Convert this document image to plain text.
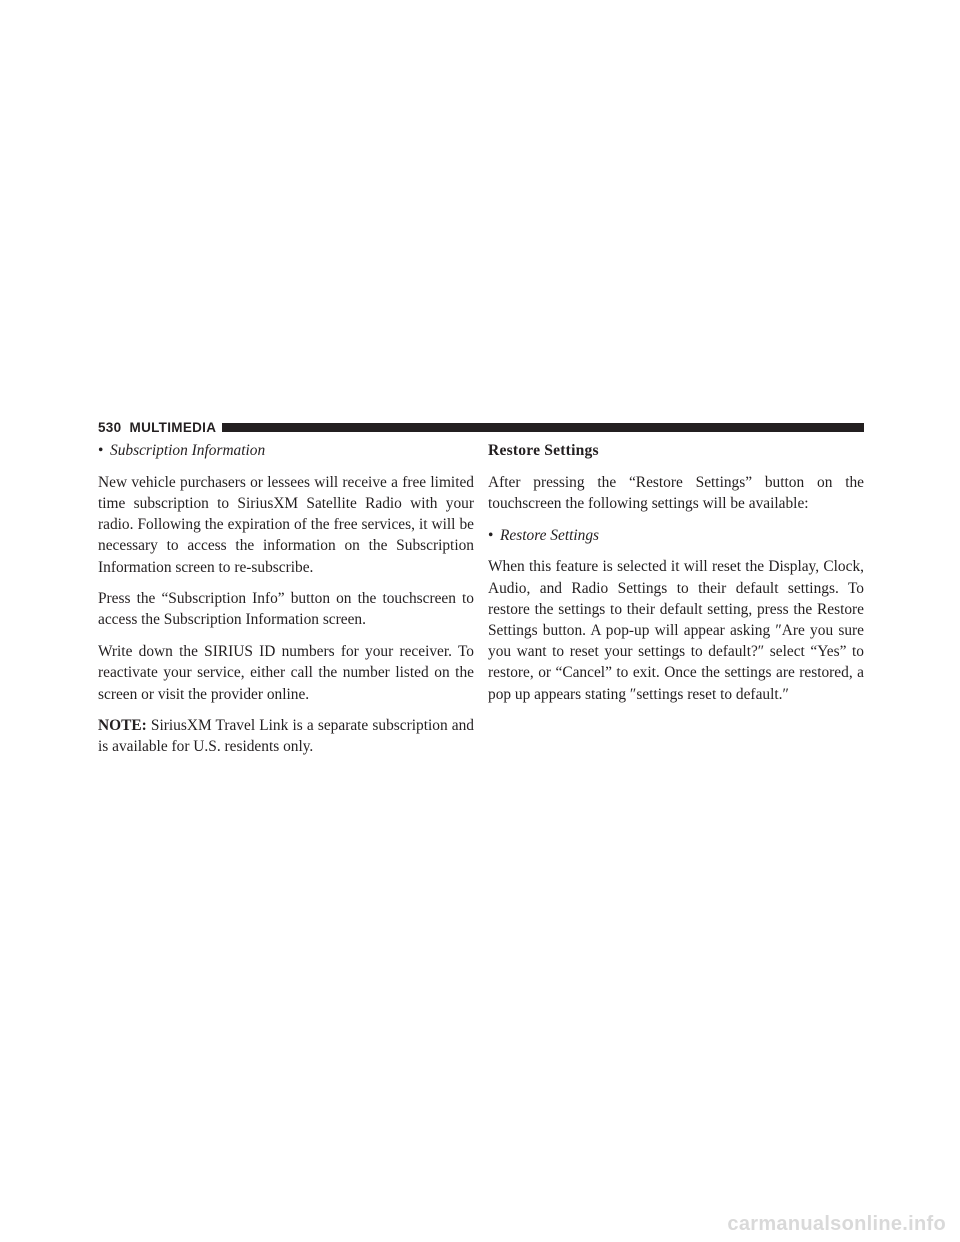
530 MULTIMEDIA
• Subscription Information

New vehicle purchasers or lessees will receive a free limited time subscription to SiriusXM Satellite Radio with your radio. Following the expiration of the free services, it will be necessary to access the information on the Subscription Information screen to re-subscribe.

Press the “Subscription Info” button on the touchscreen to access the Subscription Information screen.

Write down the SIRIUS ID numbers for your receiver. To reactivate your service, either call the number listed on the screen or visit the provider online.

NOTE: SiriusXM Travel Link is a separate subscription and is available for U.S. residents only.

Restore Settings

After pressing the “Restore Settings” button on the touchscreen the following settings will be available:

• Restore Settings

When this feature is selected it will reset the Display, Clock, Audio, and Radio Settings to their default settings. To restore the settings to their default setting, press the Restore Settings button. A pop-up will appear asking ″Are you sure you want to reset your settings to default?″ select “Yes” to restore, or “Cancel” to exit. Once the settings are restored, a pop up appears stating ″settings reset to default.″

carmanualsonline.info
